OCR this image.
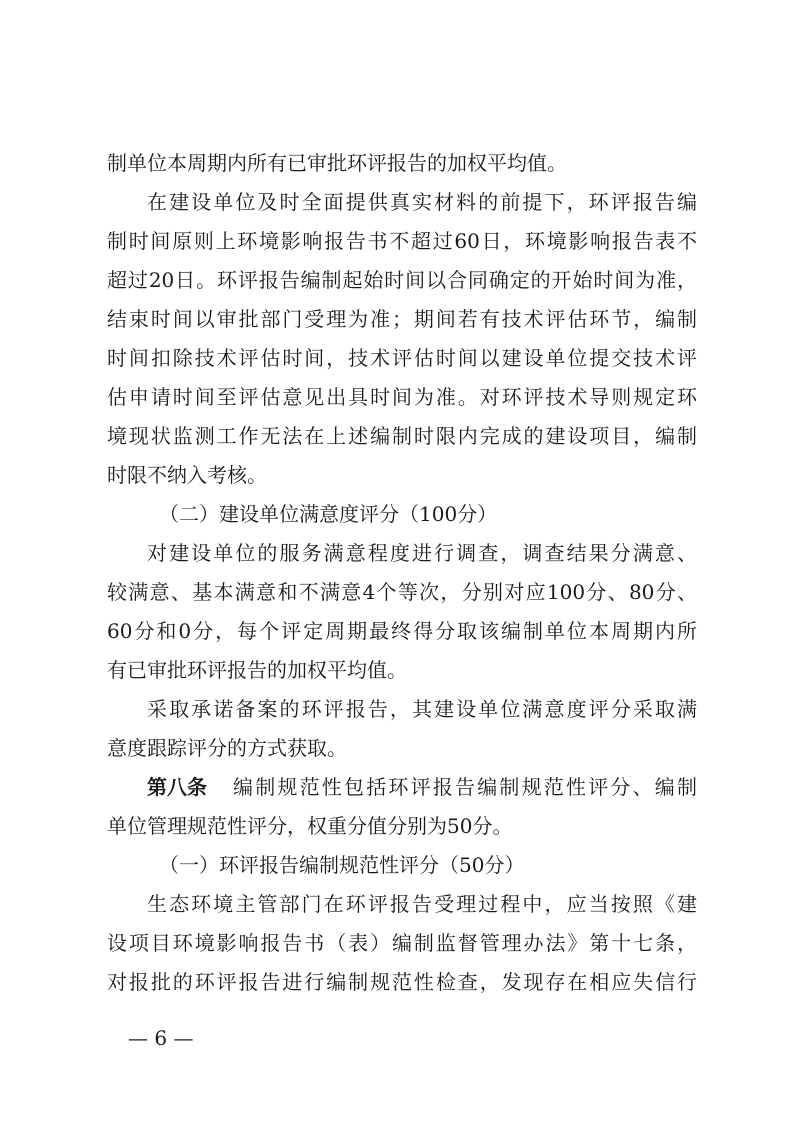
制单位本周期内所有已审批环评报告的加权平均值。
在建设单位及时全面提供真实材料的前提下，环评报告编
制时间原则上环境影响报告书不超过60日，环境影响报告表不
超过20日。环评报告编制起始时间以合同确定的开始时间为准，
结束时间以审批部门受理为准；期间若有技术评估环节，编制
时间扣除技术评估时间，技术评估时间以建设单位提交技术评
估申请时间至评估意见出具时间为准。对环评技术导则规定环
境现状监测工作无法在上述编制时限内完成的建设项目，编制
时限不纳入考核。
（二）建设单位满意度评分（100分）
对建设单位的服务满意程度进行调查，调查结果分满意、
较满意、基本满意和不满意4个等次，分别对应100分、80分、
60分和0分，每个评定周期最终得分取该编制单位本周期内所
有已审批环评报告的加权平均值。
采取承诺备案的环评报告，其建设单位满意度评分采取满
意度跟踪评分的方式获取。
第八条 编制规范性包括环评报告编制规范性评分、编制
单位管理规范性评分，权重分值分别为50分。
（一）环评报告编制规范性评分（50分）
生态环境主管部门在环评报告受理过程中，应当按照《建
设项目环境影响报告书（表）编制监督管理办法》第十七条，
对报批的环评报告进行编制规范性检查，发现存在相应失信行
— 6 —
